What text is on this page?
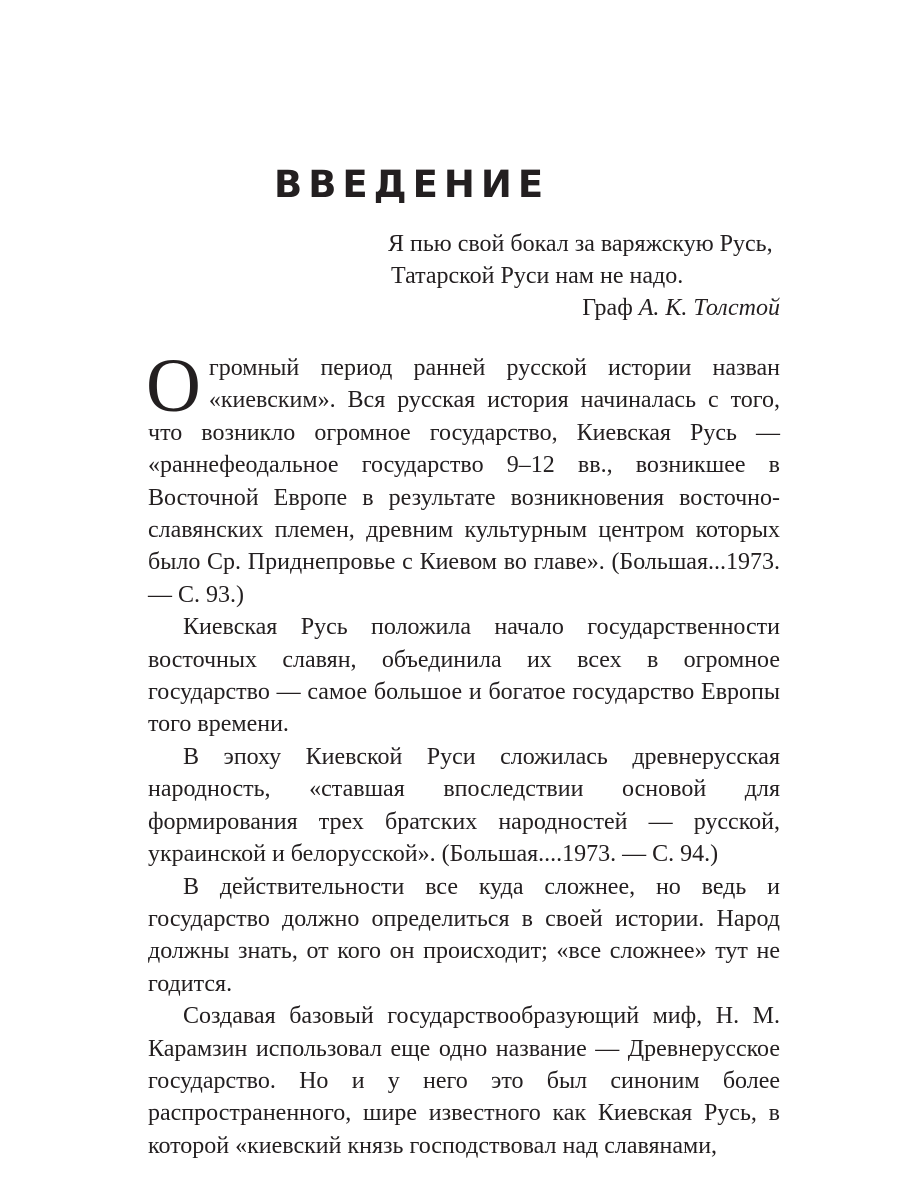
ВВЕДЕНИЕ
Я пью свой бокал за варяжскую Русь,
Татарской Руси нам не надо.
Граф А. К. Толстой

Огромный период ранней русской истории назван «киевским». Вся русская история начиналась с того, что возникло огромное государство, Киевская Русь — «раннефеодальное государство 9–12 вв., возникшее в Восточной Европе в результате возникновения восточно-славянских племен, древним культурным центром которых было Ср. Приднепровье с Киевом во главе». (Большая...1973. — С. 93.)

Киевская Русь положила начало государственности восточных славян, объединила их всех в огромное государство — самое большое и богатое государство Европы того времени.

В эпоху Киевской Руси сложилась древнерусская народность, «ставшая впоследствии основой для формирования трех братских народностей — русской, украинской и белорусской». (Большая....1973. — С. 94.)

В действительности все куда сложнее, но ведь и государство должно определиться в своей истории. Народ должны знать, от кого он происходит; «все сложнее» тут не годится.

Создавая базовый государствообразующий миф, Н. М. Карамзин использовал еще одно название — Древнерусское государство. Но и у него это был синоним более распространенного, шире известного как Киевская Русь, в которой «киевский князь господствовал над славянами,
